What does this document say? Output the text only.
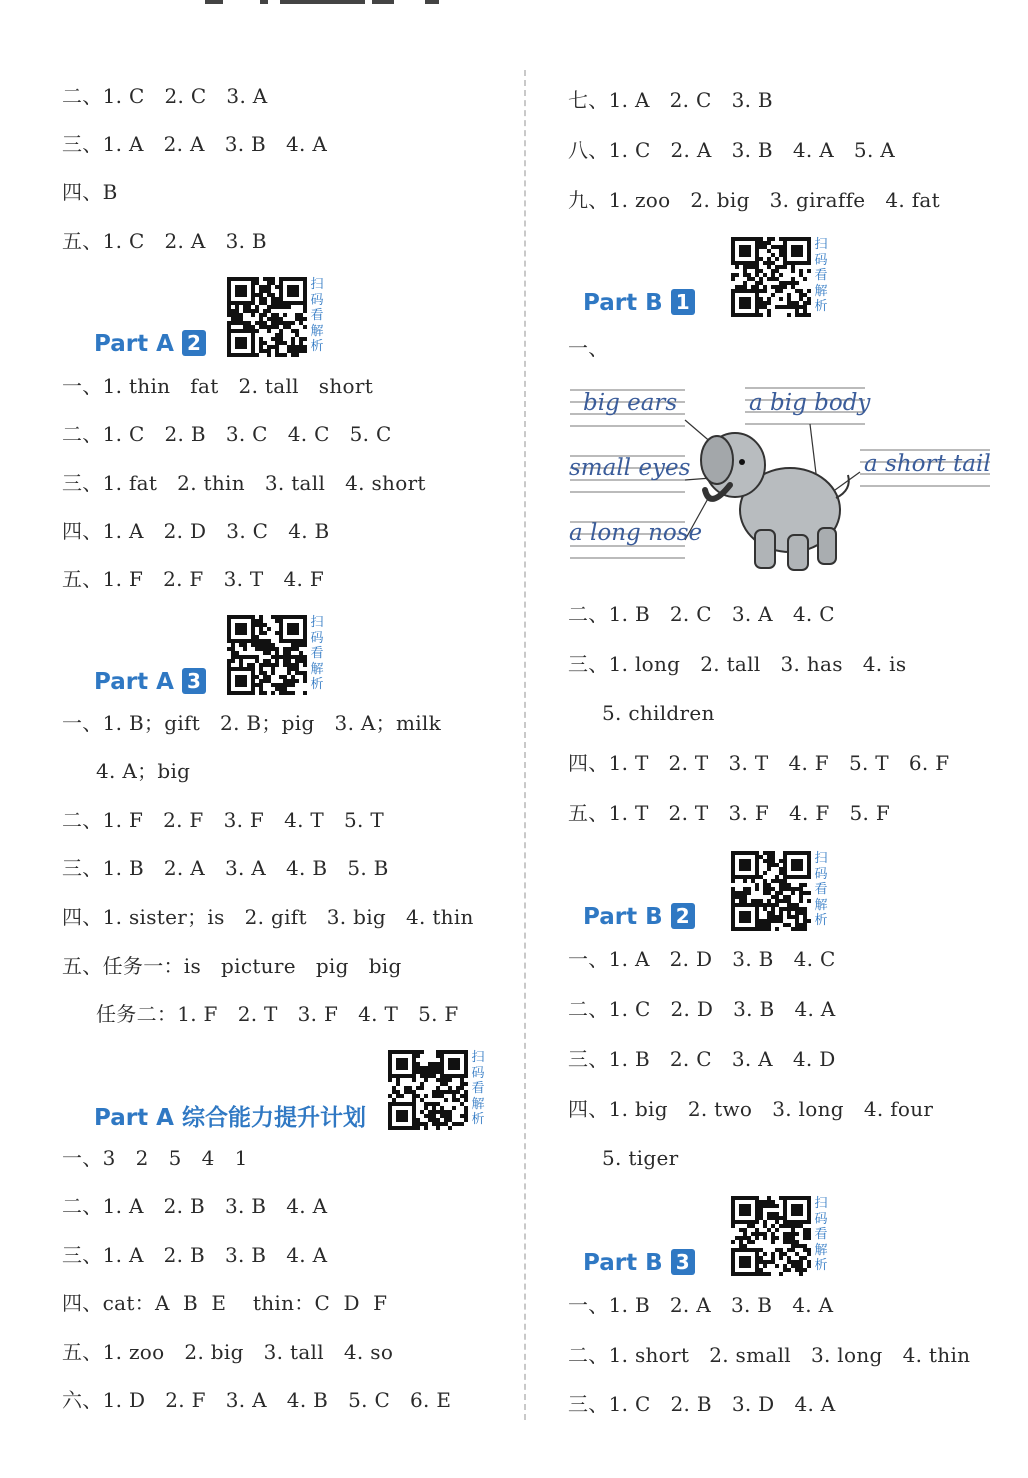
二、1. C   2. C   3. A
三、1. A   2. A   3. B   4. A
四、B
五、1. C   2. A   3. B

Part A 2

扫
码
看
解
析
一、1. thin   fat   2. tall   short
二、1. C   2. B   3. C   4. C   5. C
三、1. fat   2. thin   3. tall   4. short
四、1. A   2. D   3. C   4. B
五、1. F   2. F   3. T   4. F

Part A 3

扫
码
看
解
析
一、1. B；gift   2. B；pig   3. A；milk
4. A；big
二、1. F   2. F   3. F   4. T   5. T
三、1. B   2. A   3. A   4. B   5. B
四、1. sister；is   2. gift   3. big   4. thin
五、任务一：is   picture   pig   big
任务二：1. F   2. T   3. F   4. T   5. F

Part A 综合能力提升计划

扫
码
看
解
析
一、3   2   5   4   1
二、1. A   2. B   3. B   4. A
三、1. A   2. B   3. B   4. A
四、cat：A  B  E    thin：C  D  F
五、1. zoo   2. big   3. tall   4. so
六、1. D   2. F   3. A   4. B   5. C   6. E
七、1. A   2. C   3. B
八、1. C   2. A   3. B   4. A   5. A
九、1. zoo   2. big   3. giraffe   4. fat

Part B 1

扫
码
看
解
析
一、
big ears
small eyes
a long nose
a big body
a short tail
二、1. B   2. C   3. A   4. C
三、1. long   2. tall   3. has   4. is
5. children
四、1. T   2. T   3. T   4. F   5. T   6. F
五、1. T   2. T   3. F   4. F   5. F

Part B 2

扫
码
看
解
析
一、1. A   2. D   3. B   4. C
二、1. C   2. D   3. B   4. A
三、1. B   2. C   3. A   4. D
四、1. big   2. two   3. long   4. four
5. tiger

Part B 3

扫
码
看
解
析
一、1. B   2. A   3. B   4. A
二、1. short   2. small   3. long   4. thin
三、1. C   2. B   3. D   4. A
